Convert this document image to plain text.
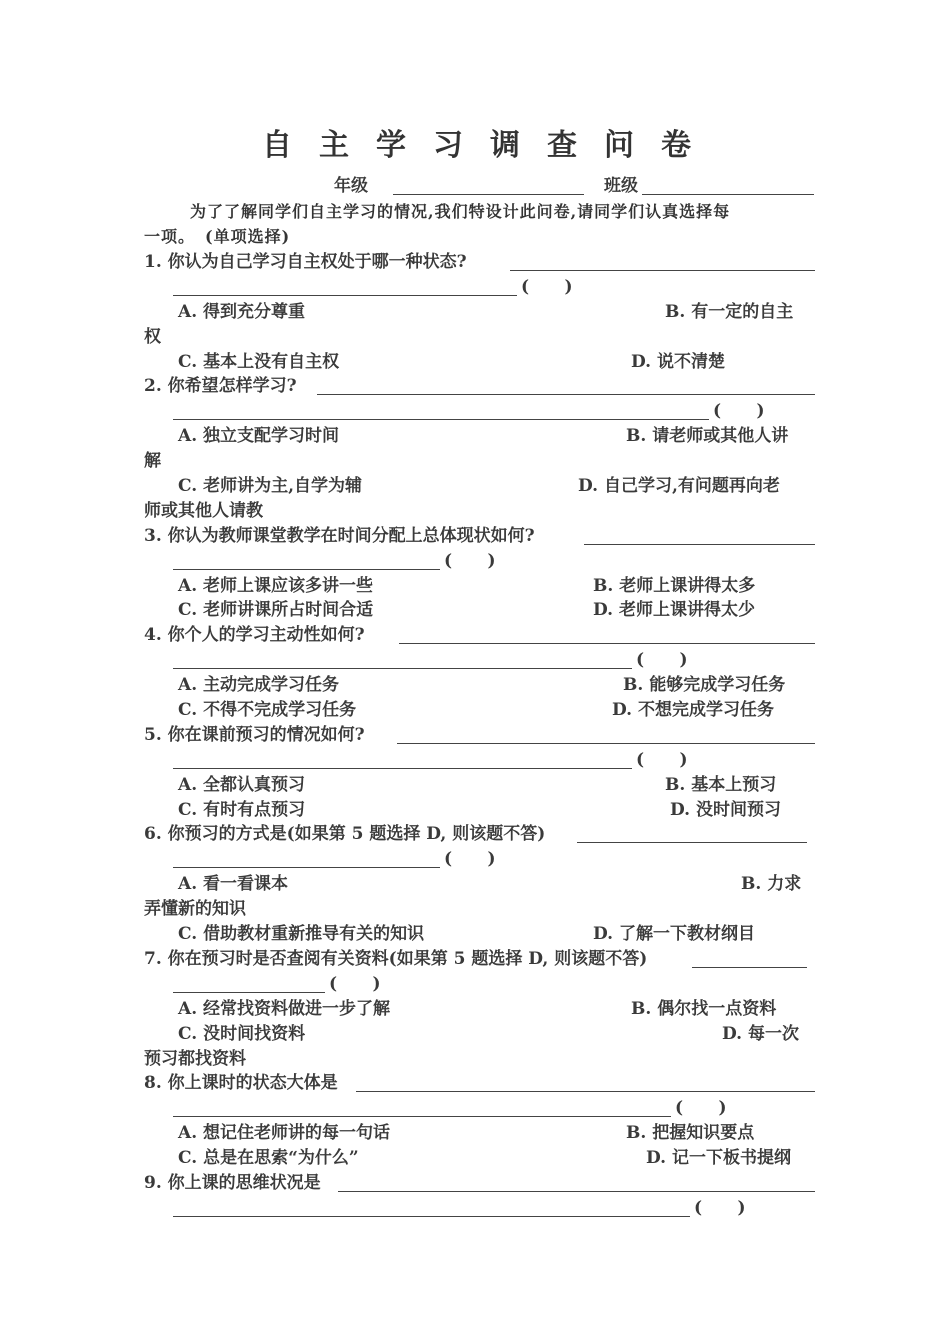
自 主 学 习 调 查 问 卷
年级	班级
为了了解同学们自主学习的情况,我们特设计此问卷,请同学们认真选择每
一项。 (单项选择)
1. 你认为自己学习自主权处于哪一种状态?
(      )
A. 得到充分尊重	B. 有一定的自主
权
C. 基本上没有自主权	D. 说不清楚
2. 你希望怎样学习?
(      )
A. 独立支配学习时间	B. 请老师或其他人讲
解
C. 老师讲为主,自学为辅	D. 自己学习,有问题再向老
师或其他人请教
3. 你认为教师课堂教学在时间分配上总体现状如何?
(      )
A. 老师上课应该多讲一些	B. 老师上课讲得太多
C. 老师讲课所占时间合适	D. 老师上课讲得太少
4. 你个人的学习主动性如何?
(      )
A. 主动完成学习任务	B. 能够完成学习任务
C. 不得不完成学习任务	D. 不想完成学习任务
5. 你在课前预习的情况如何?
(      )
A. 全都认真预习	B. 基本上预习
C. 有时有点预习	D. 没时间预习
6. 你预习的方式是(如果第 5 题选择 D, 则该题不答)
(      )
A. 看一看课本	B. 力求
弄懂新的知识
C. 借助教材重新推导有关的知识	D. 了解一下教材纲目
7. 你在预习时是否查阅有关资料(如果第 5 题选择 D, 则该题不答)
(      )
A. 经常找资料做进一步了解	B. 偶尔找一点资料
C. 没时间找资料	D. 每一次
预习都找资料
8. 你上课时的状态大体是
(      )
A. 想记住老师讲的每一句话	B. 把握知识要点
C. 总是在思索“为什么”	D. 记一下板书提纲
9. 你上课的思维状况是
(      )
